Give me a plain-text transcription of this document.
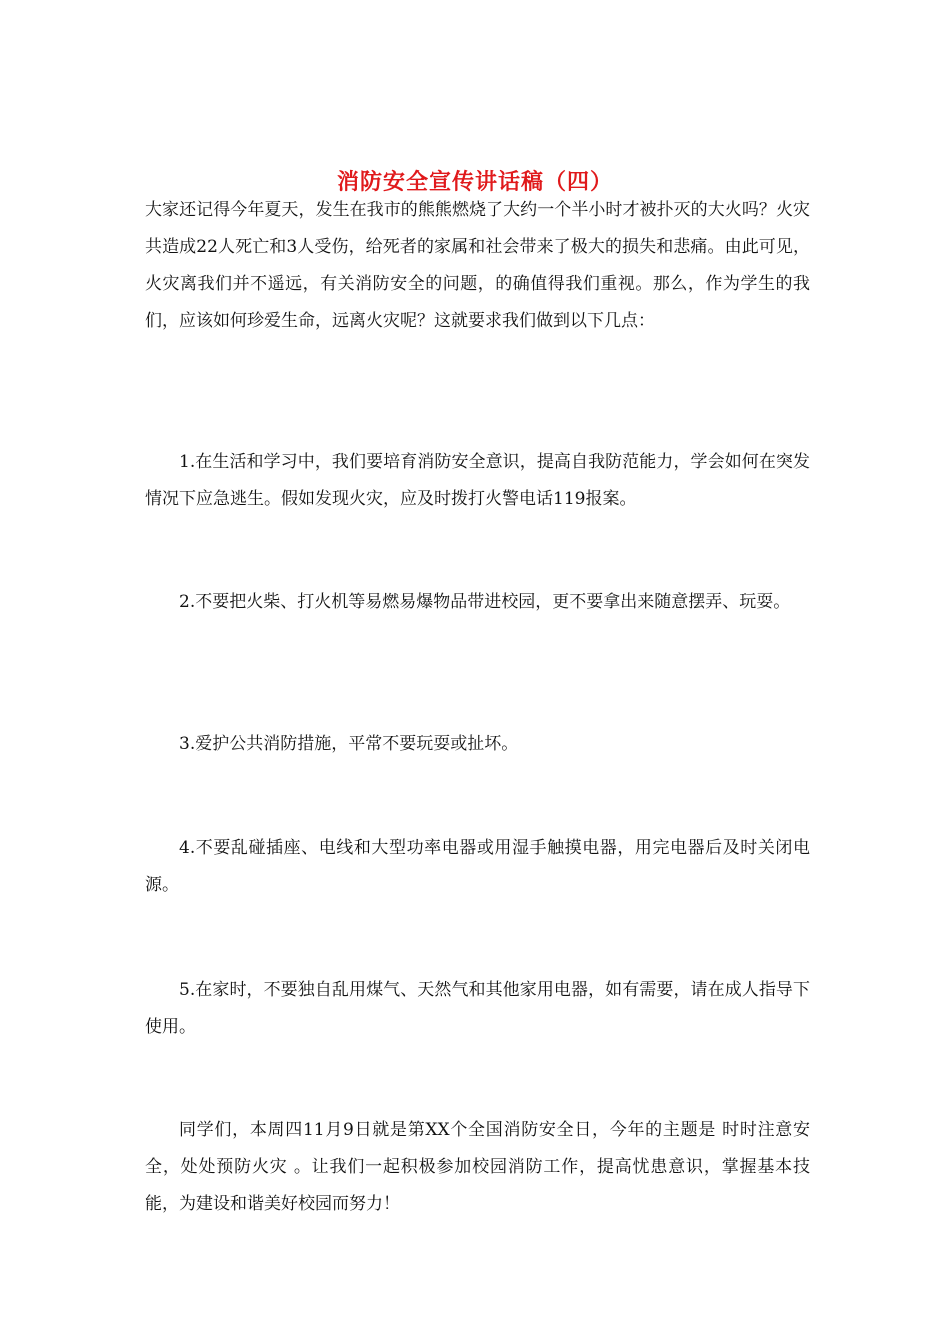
消防安全宣传讲话稿（四）

大家还记得今年夏天，发生在我市的熊熊燃烧了大约一个半小时才被扑灭的大火吗？火灾共造成22人死亡和3人受伤，给死者的家属和社会带来了极大的损失和悲痛。由此可见，火灾离我们并不遥远，有关消防安全的问题，的确值得我们重视。那么，作为学生的我们，应该如何珍爱生命，远离火灾呢？这就要求我们做到以下几点：

1.在生活和学习中，我们要培育消防安全意识，提高自我防范能力，学会如何在突发情况下应急逃生。假如发现火灾，应及时拨打火警电话119报案。

2.不要把火柴、打火机等易燃易爆物品带进校园，更不要拿出来随意摆弄、玩耍。

3.爱护公共消防措施，平常不要玩耍或扯坏。

4.不要乱碰插座、电线和大型功率电器或用湿手触摸电器，用完电器后及时关闭电源。

5.在家时，不要独自乱用煤气、天然气和其他家用电器，如有需要，请在成人指导下使用。

同学们，本周四11月9日就是第XX个全国消防安全日，今年的主题是 时时注意安全，处处预防火灾 。让我们一起积极参加校园消防工作，提高忧患意识，掌握基本技能，为建设和谐美好校园而努力！
